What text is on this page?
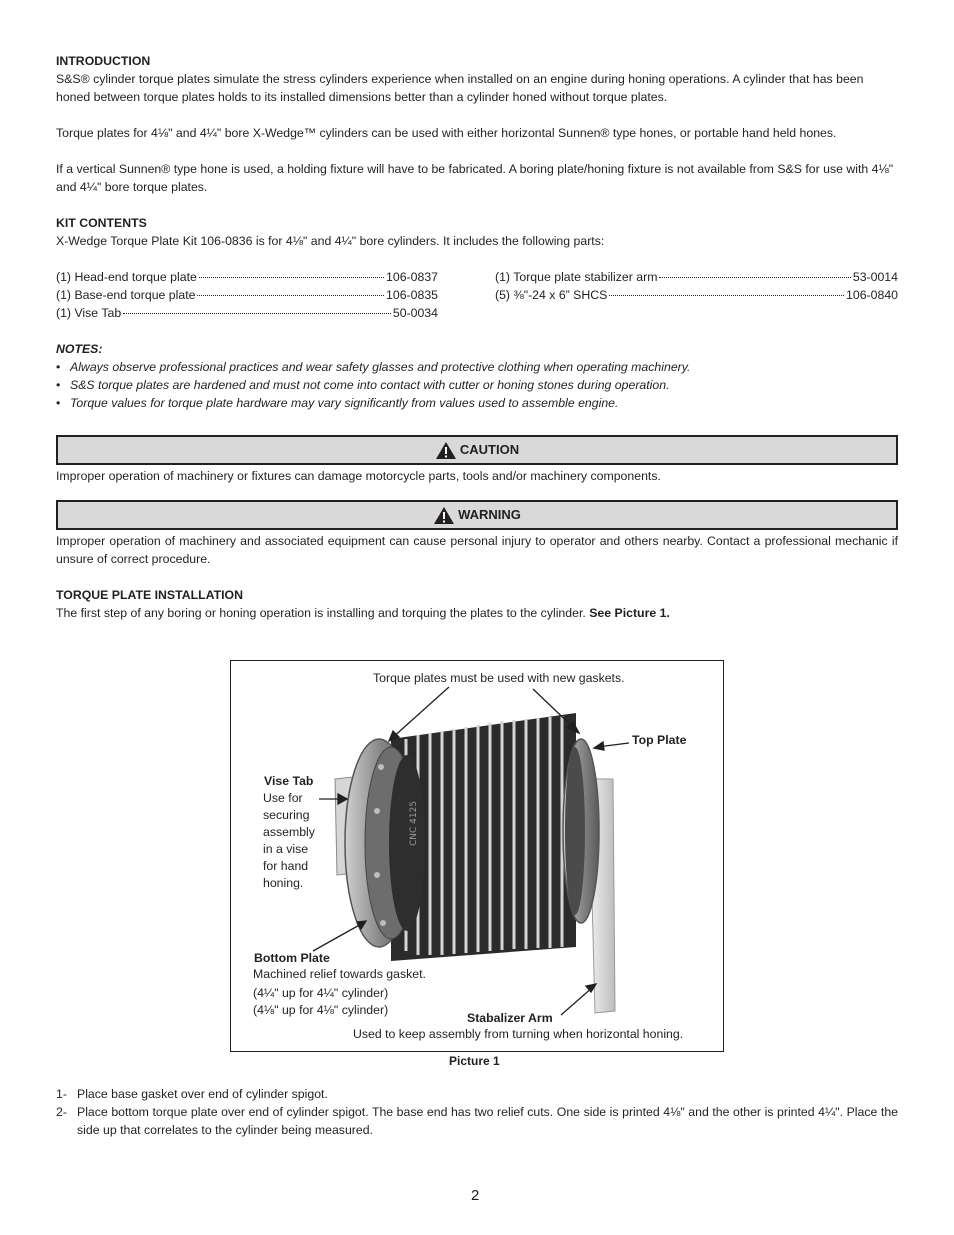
INTRODUCTION

S&S® cylinder torque plates simulate the stress cylinders experience when installed on an engine during honing operations. A cylinder that has been honed between torque plates holds to its installed dimensions better than a cylinder honed without torque plates.

Torque plates for 4⅛" and 4¼" bore X-Wedge™ cylinders can be used with either horizontal Sunnen® type hones, or portable hand held hones.

If a vertical Sunnen® type hone is used, a holding fixture will have to be fabricated. A boring plate/honing fixture is not available from S&S for use with 4⅛" and 4¼" bore torque plates.

KIT CONTENTS

X-Wedge Torque Plate Kit 106-0836 is for 4⅛" and 4¼" bore cylinders. It includes the following parts:

(1) Head-end torque plate	106-0837
(1) Base-end torque plate	106-0835
(1) Vise Tab	50-0034
(1) Torque plate stabilizer arm	53-0014
(5) ⅜"-24 x 6” SHCS	106-0840
NOTES:
• Always observe professional practices and wear safety glasses and protective clothing when operating machinery.
• S&S torque plates are hardened and must not come into contact with cutter or honing stones during operation.
• Torque values for torque plate hardware may vary significantly from values used to assemble engine.
CAUTION

Improper operation of machinery or fixtures can damage motorcycle parts, tools and/or machinery components.

WARNING

Improper operation of machinery and associated equipment can cause personal injury to operator and others nearby. Contact a professional mechanic if unsure of correct procedure.

TORQUE PLATE INSTALLATION

The first step of any boring or honing operation is installing and torquing the plates to the cylinder. See Picture 1.

CNC 4125
Torque plates must be used with new gaskets.
Top Plate
Vise Tab
Use for
securing
assembly
in a vise
for hand
honing.
Bottom Plate
Machined relief towards gasket.
(4¼" up for 4¼" cylinder)
(4⅛" up for 4⅛" cylinder)
Stabalizer Arm
Used to keep assembly from turning when horizontal honing.
Picture 1
1- Place base gasket over end of cylinder spigot.
2- Place bottom torque plate over end of cylinder spigot. The base end has two relief cuts. One side is printed 4⅛" and the other is printed 4¼". Place the side up that correlates to the cylinder being measured.
2
